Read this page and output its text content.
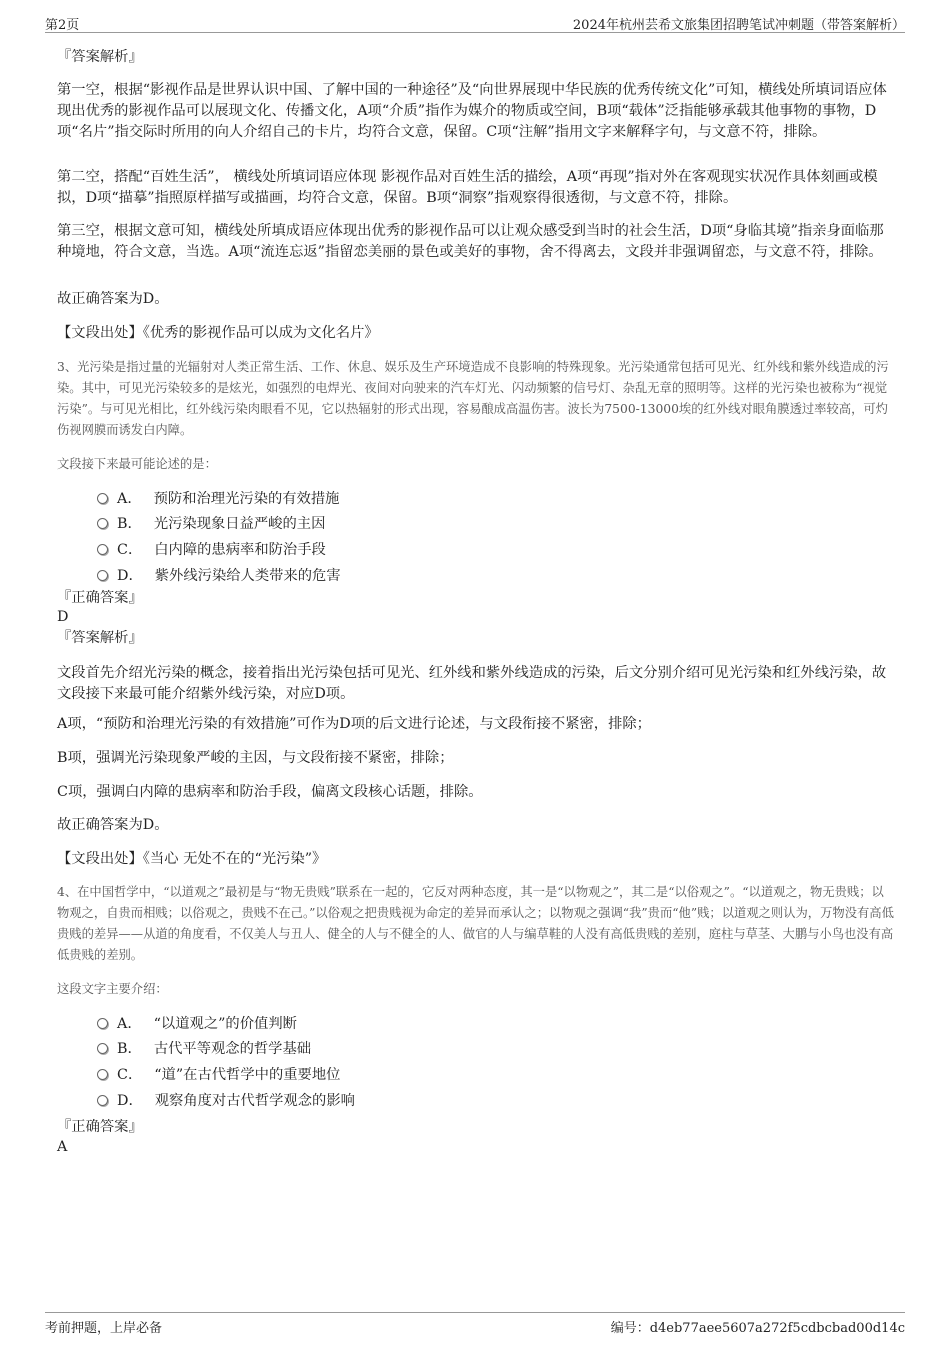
第2页	2024年杭州芸希文旅集团招聘笔试冲刺题（带答案解析）
『答案解析』
第一空，根据“影视作品是世界认识中国、了解中国的一种途径”及“向世界展现中华民族的优秀传统文化”可知，横线处所填词语应体现出优秀的影视作品可以展现文化、传播文化，A项“介质”指作为媒介的物质或空间，B项“载体”泛指能够承载其他事物的事物，D项“名片”指交际时所用的向人介绍自己的卡片，均符合文意，保留。C项“注解”指用文字来解释字句，与文意不符，排除。
第二空，搭配“百姓生活”， 横线处所填词语应体现 影视作品对百姓生活的描绘，A项“再现”指对外在客观现实状况作具体刻画或模拟，D项“描摹”指照原样描写或描画，均符合文意，保留。B项“洞察”指观察得很透彻，与文意不符，排除。
第三空，根据文意可知，横线处所填成语应体现出优秀的影视作品可以让观众感受到当时的社会生活，D项“身临其境”指亲身面临那种境地，符合文意，当选。A项“流连忘返”指留恋美丽的景色或美好的事物，舍不得离去，文段并非强调留恋，与文意不符，排除。
故正确答案为D。
【文段出处】《优秀的影视作品可以成为文化名片》
3、光污染是指过量的光辐射对人类正常生活、工作、休息、娱乐及生产环境造成不良影响的特殊现象。光污染通常包括可见光、红外线和紫外线造成的污染。其中，可见光污染较多的是炫光，如强烈的电焊光、夜间对向驶来的汽车灯光、闪动频繁的信号灯、杂乱无章的照明等。这样的光污染也被称为“视觉污染”。与可见光相比，红外线污染肉眼看不见，它以热辐射的形式出现，容易酿成高温伤害。波长为7500-13000埃的红外线对眼角膜透过率较高，可灼伤视网膜而诱发白内障。
文段接下来最可能论述的是：
A． 预防和治理光污染的有效措施
B． 光污染现象日益严峻的主因
C． 白内障的患病率和防治手段
D． 紫外线污染给人类带来的危害
『正确答案』
D
『答案解析』
文段首先介绍光污染的概念，接着指出光污染包括可见光、红外线和紫外线造成的污染，后文分别介绍可见光污染和红外线污染，故文段接下来最可能介绍紫外线污染，对应D项。
A项，“预防和治理光污染的有效措施”可作为D项的后文进行论述，与文段衔接不紧密，排除；
B项，强调光污染现象严峻的主因，与文段衔接不紧密，排除；
C项，强调白内障的患病率和防治手段，偏离文段核心话题，排除。
故正确答案为D。
【文段出处】《当心 无处不在的“光污染”》
4、在中国哲学中，“以道观之”最初是与“物无贵贱”联系在一起的，它反对两种态度，其一是“以物观之”，其二是“以俗观之”。“以道观之，物无贵贱；以物观之，自贵而相贱；以俗观之，贵贱不在己。”以俗观之把贵贱视为命定的差异而承认之；以物观之强调“我”贵而“他”贱；以道观之则认为，万物没有高低贵贱的差异——从道的角度看，不仅美人与丑人、健全的人与不健全的人、做官的人与编草鞋的人没有高低贵贱的差别，庭柱与草茎、大鹏与小鸟也没有高低贵贱的差别。
这段文字主要介绍：
A． “以道观之”的价值判断
B． 古代平等观念的哲学基础
C． “道”在古代哲学中的重要地位
D． 观察角度对古代哲学观念的影响
『正确答案』
A
考前押题，上岸必备	编号：d4eb77aee5607a272f5cdbcbad00d14c
